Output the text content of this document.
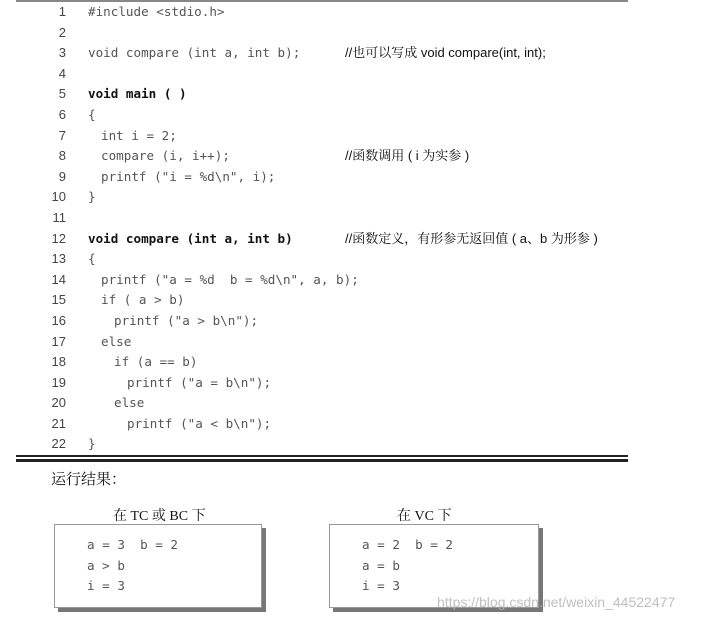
1 #include <stdio.h>
2
3 void compare (int a, int b);	//也可以写成 void compare(int, int);
4
5 void main ( )
6 {
7	int i = 2;
8	compare (i, i++);	//函数调用 ( i 为实参 )
9	printf ("i = %d\n", i);
10 }
11
12 void compare (int a, int b)	//函数定义，有形参无返回值 ( a、b 为形参 )
13 {
14	printf ("a = %d  b = %d\n", a, b);
15	if ( a > b)
16	printf ("a > b\n");
17	else
18	if (a == b)
19	printf ("a = b\n");
20	else
21	printf ("a < b\n");
22 }
运行结果：
在 TC 或 BC 下
a = 3  b = 2
a > b
i = 3
在 VC 下
a = 2  b = 2
a = b
i = 3
https://blog.csdn.net/weixin_44522477
